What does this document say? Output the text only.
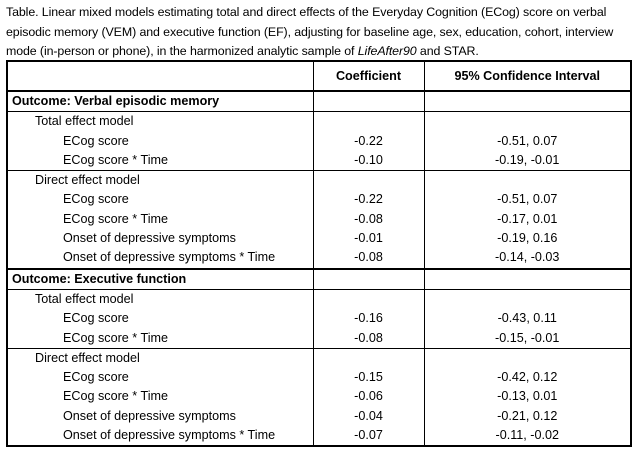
Table. Linear mixed models estimating total and direct effects of the Everyday Cognition (ECog) score on verbal episodic memory (VEM) and executive function (EF), adjusting for baseline age, sex, education, cohort, interview mode (in-person or phone), in the harmonized analytic sample of LifeAfter90 and STAR.
	Coefficient	95% Confidence Interval
Outcome: Verbal episodic memory		
Total effect model		
ECog score	-0.22	-0.51, 0.07
ECog score * Time	-0.10	-0.19, -0.01
Direct effect model		
ECog score	-0.22	-0.51, 0.07
ECog score * Time	-0.08	-0.17, 0.01
Onset of depressive symptoms	-0.01	-0.19, 0.16
Onset of depressive symptoms * Time	-0.08	-0.14, -0.03
Outcome: Executive function		
Total effect model		
ECog score	-0.16	-0.43, 0.11
ECog score * Time	-0.08	-0.15, -0.01
Direct effect model		
ECog score	-0.15	-0.42, 0.12
ECog score * Time	-0.06	-0.13, 0.01
Onset of depressive symptoms	-0.04	-0.21, 0.12
Onset of depressive symptoms * Time	-0.07	-0.11, -0.02
